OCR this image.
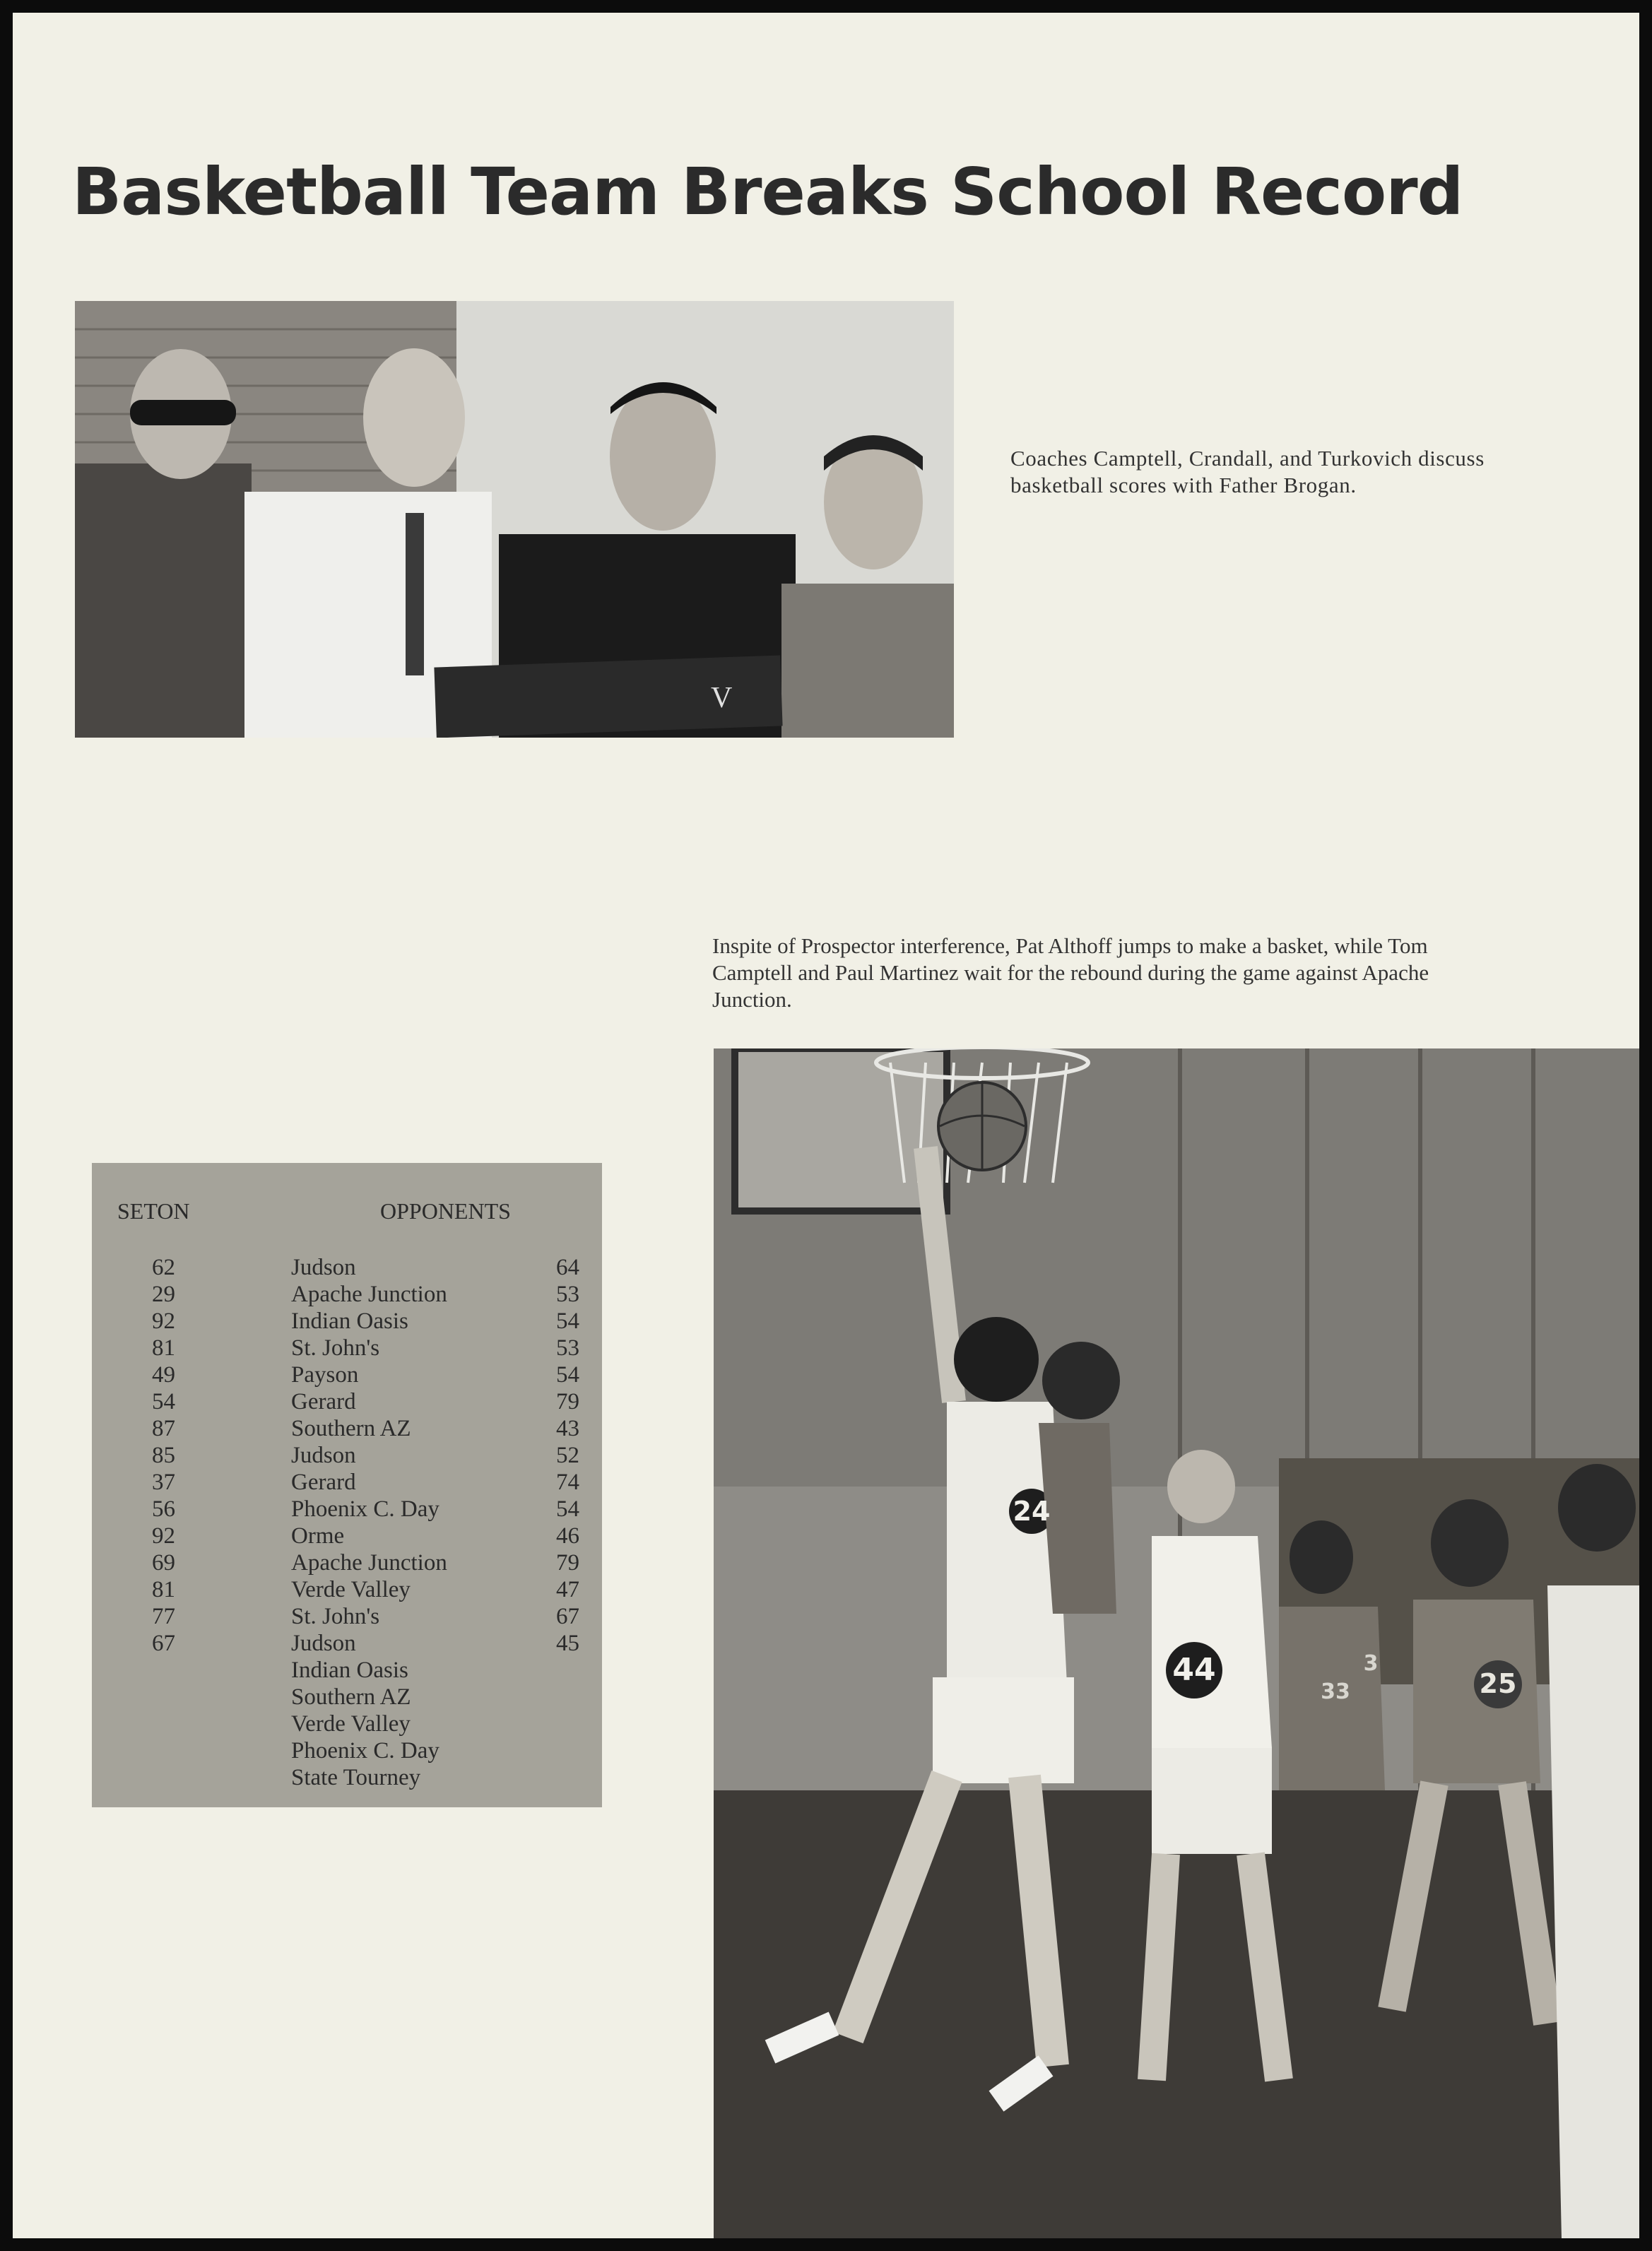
Basketball Team Breaks School Record
V

Coaches Camptell, Crandall, and Turkovich discuss basketball scores with Father Brogan.

Inspite of Prospector interference, Pat Althoff jumps to make a basket, while Tom Camptell and Paul Martinez wait for the rebound during the game against Apache Junction.

SETON	OPPONENTS
62	Judson	64
29	Apache Junction	53
92	Indian Oasis	54
81	St. John's	53
49	Payson	54
54	Gerard	79
87	Southern AZ	43
85	Judson	52
37	Gerard	74
56	Phoenix C. Day	54
92	Orme	46
69	Apache Junction	79
81	Verde Valley	47
77	St. John's	67
67	Judson	45
Indian Oasis
Southern AZ
Verde Valley
Phoenix C. Day
State Tourney
24
44	25
3
33
